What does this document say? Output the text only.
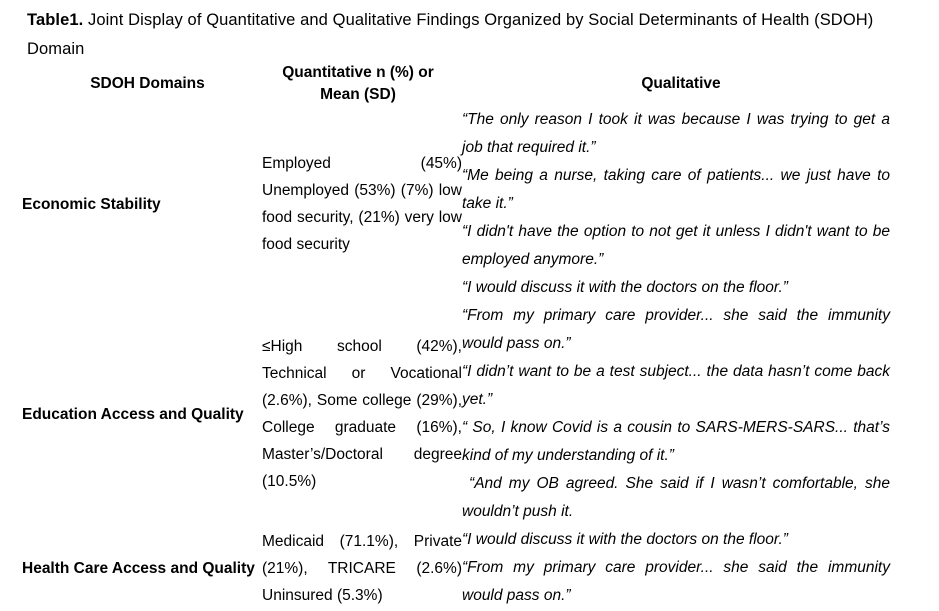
Table1. Joint Display of Quantitative and Qualitative Findings Organized by Social Determinants of Health (SDOH) Domain
SDOH Domains	Quantitative n (%) or Mean (SD)	Qualitative

Economic Stability	Employed (45%) Unemployed (53%) (7%) low food security, (21%) very low food security	“The only reason I took it was because I was trying to get a job that required it.”

“Me being a nurse, taking care of patients... we just have to take it.”

“I didn't have the option to not get it unless I didn't want to be employed anymore.”

“I would discuss it with the doctors on the floor.”

Education Access and Quality	≤High school (42%), Technical or Vocational (2.6%), Some college (29%), College graduate (16%), Master’s/Doctoral degree (10.5%)	“From my primary care provider... she said the immunity would pass on.”

“I didn’t want to be a test subject... the data hasn’t come back yet.”

“ So, I know Covid is a cousin to SARS-MERS-SARS... that’s kind of my understanding of it.”

“And my OB agreed. She said if I wasn’t comfortable, she wouldn’t push it.

Health Care Access and Quality	Medicaid (71.1%), Private (21%), TRICARE (2.6%) Uninsured (5.3%)	“I would discuss it with the doctors on the floor.”

“From my primary care provider... she said the immunity would pass on.”
